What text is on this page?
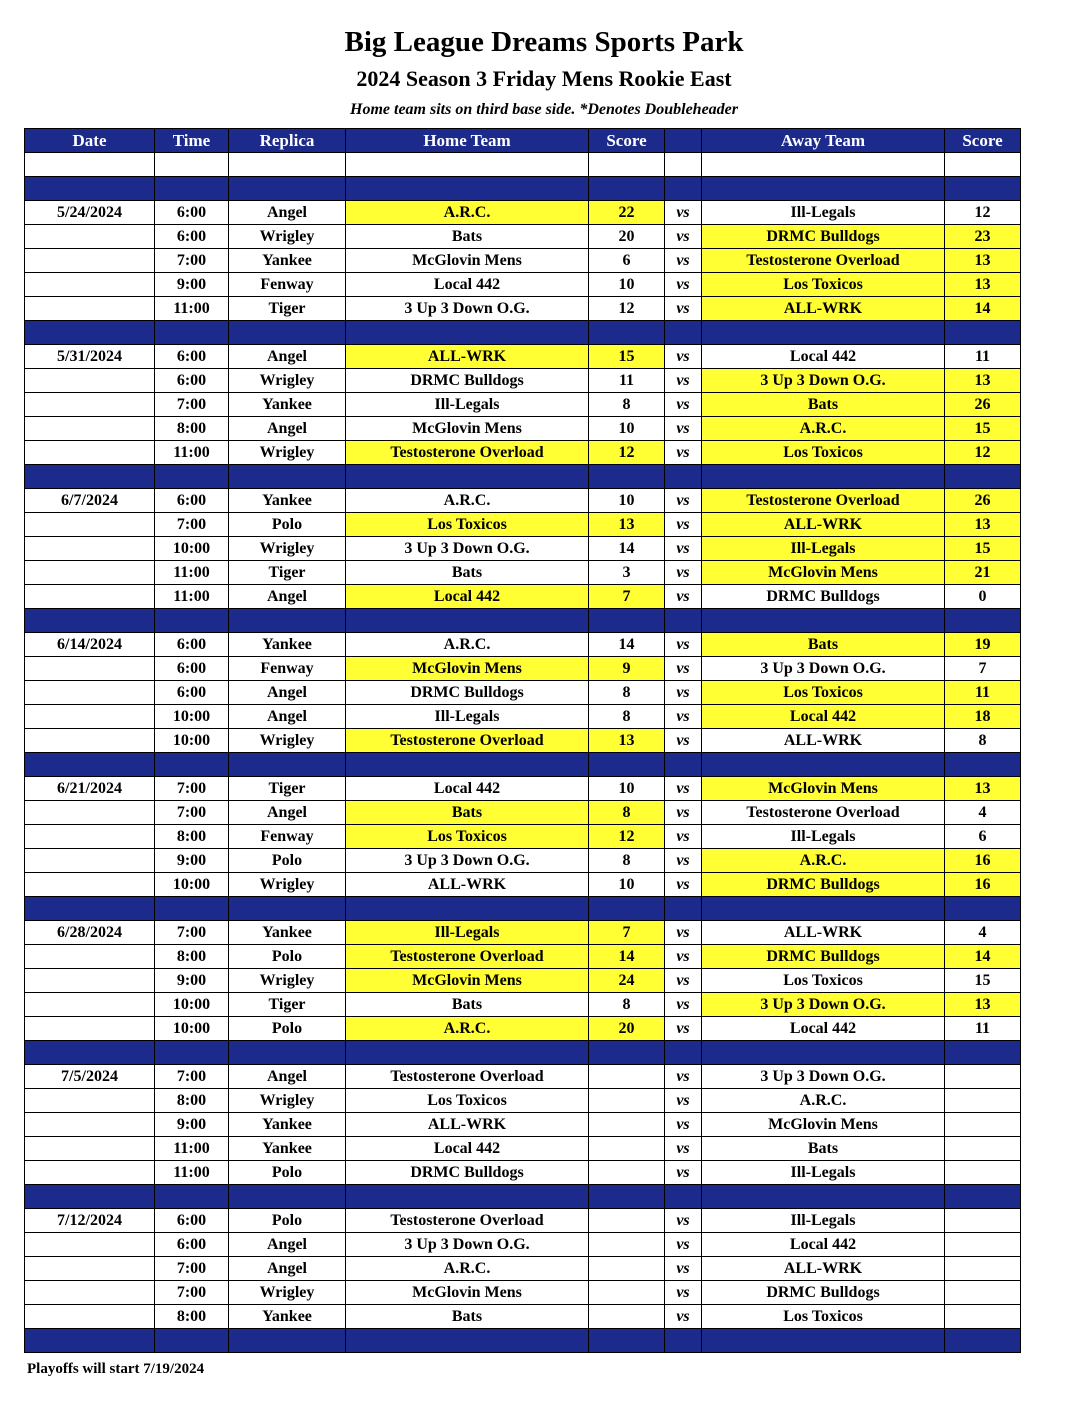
Big League Dreams Sports Park
2024 Season 3 Friday Mens Rookie East
Home team sits on third base side. *Denotes Doubleheader
Date	Time	Replica	Home Team	Score		Away Team	Score

5/24/2024	6:00	Angel	A.R.C.	22	vs	Ill-Legals	12
	6:00	Wrigley	Bats	20	vs	DRMC Bulldogs	23
	7:00	Yankee	McGlovin Mens	6	vs	Testosterone Overload	13
	9:00	Fenway	Local 442	10	vs	Los Toxicos	13
	11:00	Tiger	3 Up 3 Down O.G.	12	vs	ALL-WRK	14

5/31/2024	6:00	Angel	ALL-WRK	15	vs	Local 442	11
	6:00	Wrigley	DRMC Bulldogs	11	vs	3 Up 3 Down O.G.	13
	7:00	Yankee	Ill-Legals	8	vs	Bats	26
	8:00	Angel	McGlovin Mens	10	vs	A.R.C.	15
	11:00	Wrigley	Testosterone Overload	12	vs	Los Toxicos	12

6/7/2024	6:00	Yankee	A.R.C.	10	vs	Testosterone Overload	26
	7:00	Polo	Los Toxicos	13	vs	ALL-WRK	13
	10:00	Wrigley	3 Up 3 Down O.G.	14	vs	Ill-Legals	15
	11:00	Tiger	Bats	3	vs	McGlovin Mens	21
	11:00	Angel	Local 442	7	vs	DRMC Bulldogs	0

6/14/2024	6:00	Yankee	A.R.C.	14	vs	Bats	19
	6:00	Fenway	McGlovin Mens	9	vs	3 Up 3 Down O.G.	7
	6:00	Angel	DRMC Bulldogs	8	vs	Los Toxicos	11
	10:00	Angel	Ill-Legals	8	vs	Local 442	18
	10:00	Wrigley	Testosterone Overload	13	vs	ALL-WRK	8

6/21/2024	7:00	Tiger	Local 442	10	vs	McGlovin Mens	13
	7:00	Angel	Bats	8	vs	Testosterone Overload	4
	8:00	Fenway	Los Toxicos	12	vs	Ill-Legals	6
	9:00	Polo	3 Up 3 Down O.G.	8	vs	A.R.C.	16
	10:00	Wrigley	ALL-WRK	10	vs	DRMC Bulldogs	16

6/28/2024	7:00	Yankee	Ill-Legals	7	vs	ALL-WRK	4
	8:00	Polo	Testosterone Overload	14	vs	DRMC Bulldogs	14
	9:00	Wrigley	McGlovin Mens	24	vs	Los Toxicos	15
	10:00	Tiger	Bats	8	vs	3 Up 3 Down O.G.	13
	10:00	Polo	A.R.C.	20	vs	Local 442	11

7/5/2024	7:00	Angel	Testosterone Overload		vs	3 Up 3 Down O.G.	
	8:00	Wrigley	Los Toxicos		vs	A.R.C.	
	9:00	Yankee	ALL-WRK		vs	McGlovin Mens	
	11:00	Yankee	Local 442		vs	Bats	
	11:00	Polo	DRMC Bulldogs		vs	Ill-Legals	

7/12/2024	6:00	Polo	Testosterone Overload		vs	Ill-Legals	
	6:00	Angel	3 Up 3 Down O.G.		vs	Local 442	
	7:00	Angel	A.R.C.		vs	ALL-WRK	
	7:00	Wrigley	McGlovin Mens		vs	DRMC Bulldogs	
	8:00	Yankee	Bats		vs	Los Toxicos	

Playoffs will start 7/19/2024
